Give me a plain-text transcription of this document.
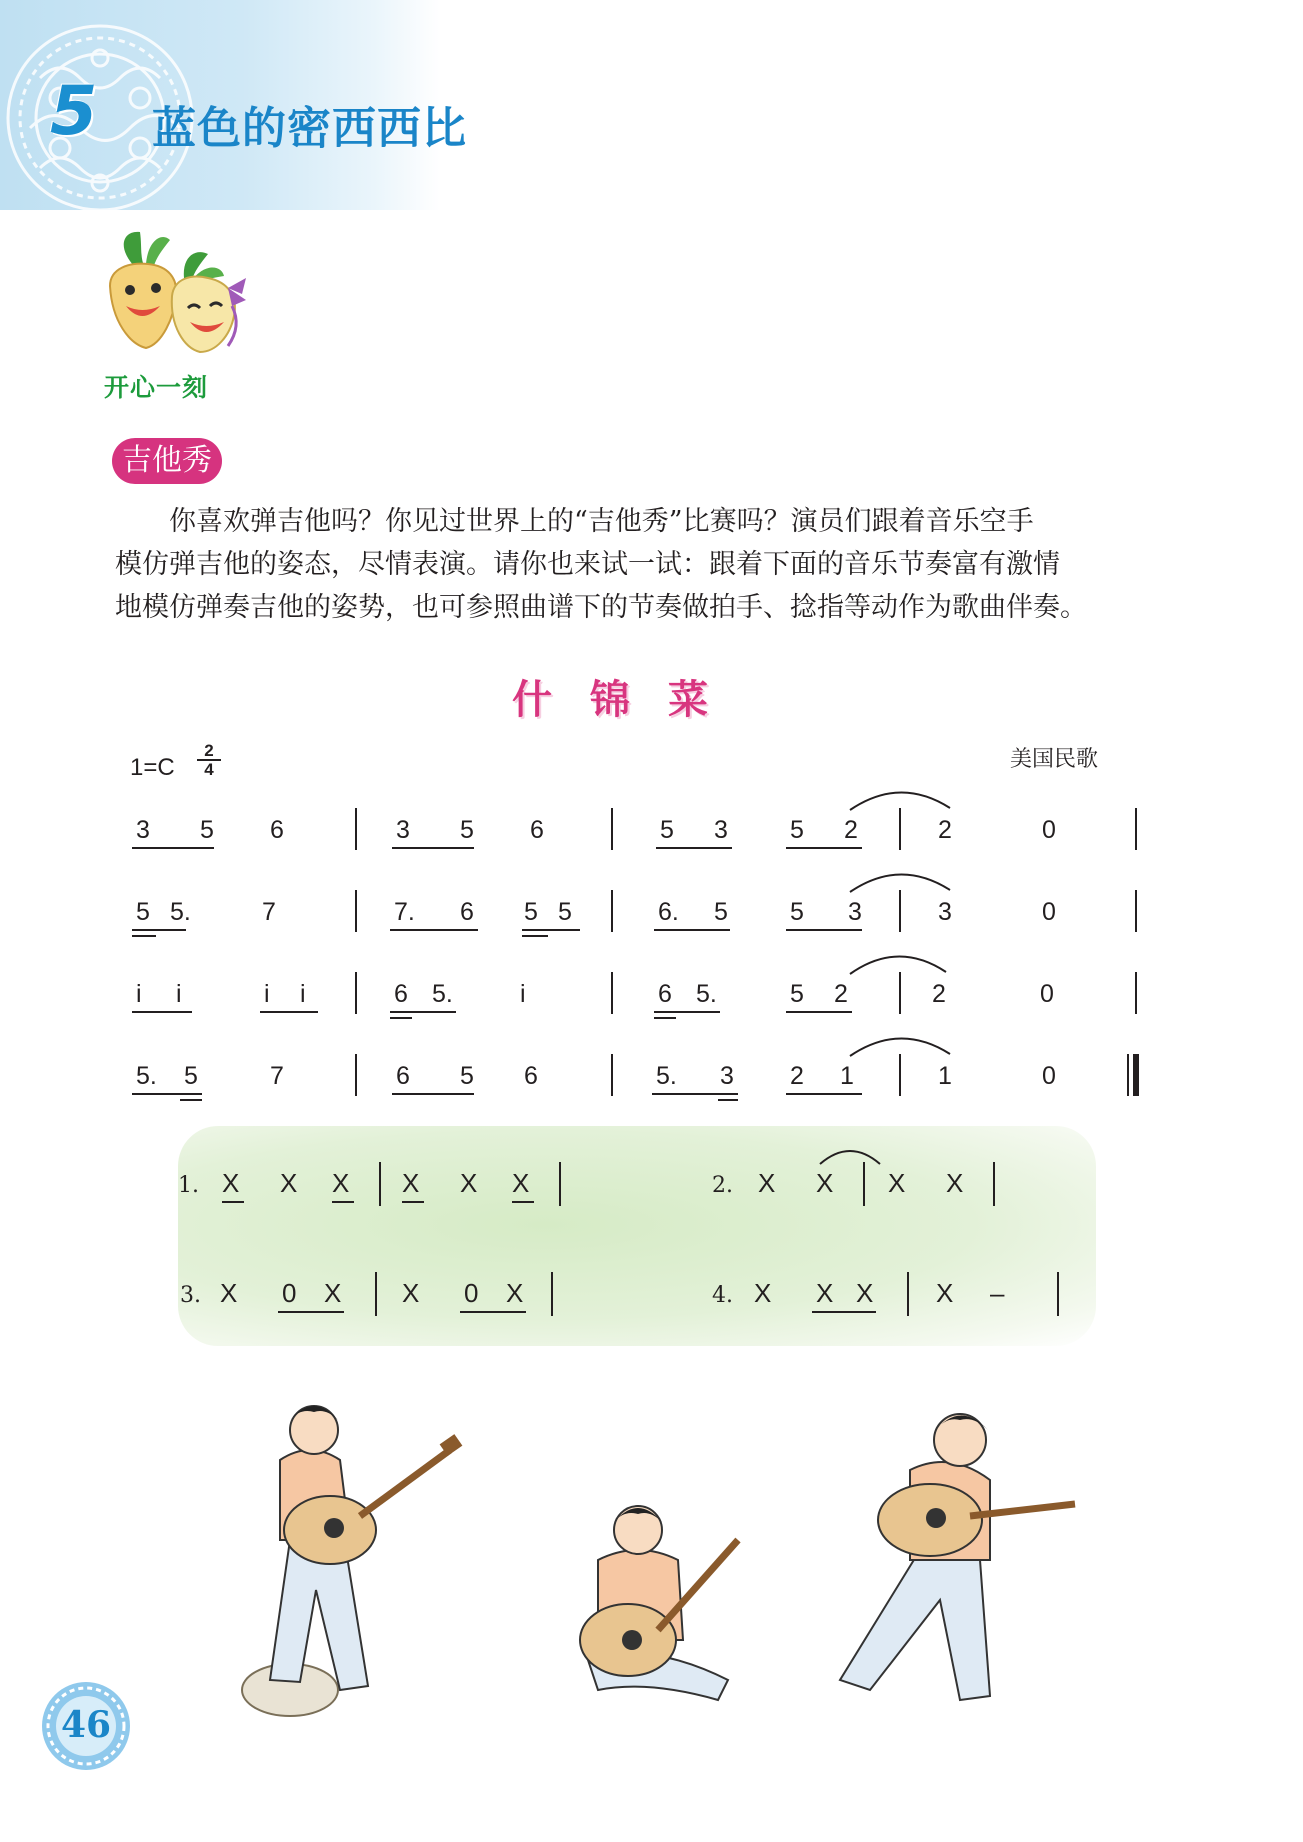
5 蓝色的密西西比
开心一刻
吉他秀
你喜欢弹吉他吗？你见过世界上的“吉他秀”比赛吗？演员们跟着音乐空手
模仿弹吉他的姿态，尽情表演。请你也来试一试：跟着下面的音乐节奏富有激情
地模仿弹奏吉他的姿势，也可参照曲谱下的节奏做拍手、捻指等动作为歌曲伴奏。
什锦菜
1=C
2
4	美国民歌
3 5 6	3 5 6	5 3 5 2	2	0
5 5.	7	7. 6 5 5	6. 5 5 3	3	0
i i	i i	6 5.	i	6 5.	5 2	2	0
5. 5	7	6 5 6	5. 3 2 1	1	0
1. X X X X X X	2. X X X X
3. X 0 X X 0 X	4. X X X X –
46
